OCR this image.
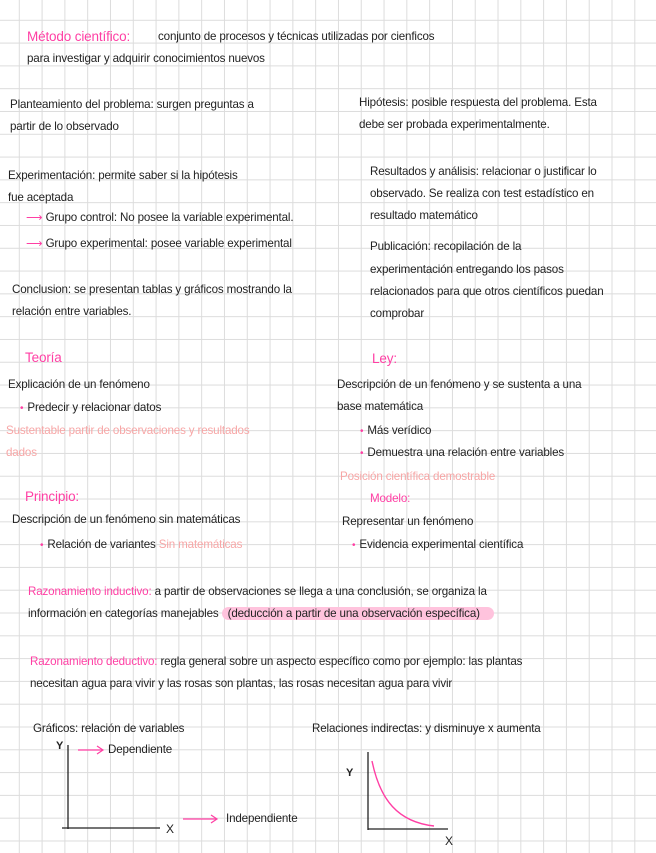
Método científico: conjunto de procesos y técnicas utilizadas por cienficos
para investigar y adquirir conocimientos nuevos
Planteamiento del problema: surgen preguntas a
partir de lo observado
Hipótesis: posible respuesta del problema. Esta
debe ser probada experimentalmente.
Experimentación: permite saber si la hipótesis
fue aceptada
⟶ Grupo control: No posee la variable experimental.
⟶ Grupo experimental: posee variable experimental
Resultados y análisis: relacionar o justificar lo
observado. Se realiza con test estadístico en
resultado matemático
Publicación: recopilación de la
experimentación entregando los pasos
relacionados para que otros científicos puedan
comprobar
Conclusion: se presentan tablas y gráficos mostrando la
relación entre variables.
Teoría
Explicación de un fenómeno
• Predecir y relacionar datos
Sustentable partir de observaciones y resultados
dados
Ley:
Descripción de un fenómeno y se sustenta a una
base matemática
• Más verídico
• Demuestra una relación entre variables
Posición científica demostrable
Principio:
Descripción de un fenómeno sin matemáticas
• Relación de variantes Sin matemáticas
Modelo:
Representar un fenómeno
• Evidencia experimental científica
Razonamiento inductivo: a partir de observaciones se llega a una conclusión, se organiza la
información en categorías manejables (deducción a partir de una observación específica)
Razonamiento deductivo: regla general sobre un aspecto específico como por ejemplo: las plantas
necesitan agua para vivir y las rosas son plantas, las rosas necesitan agua para vivir
Gráficos: relación de variables
Y	Dependiente
X
Independiente
Relaciones indirectas: y disminuye x aumenta
Y
X
